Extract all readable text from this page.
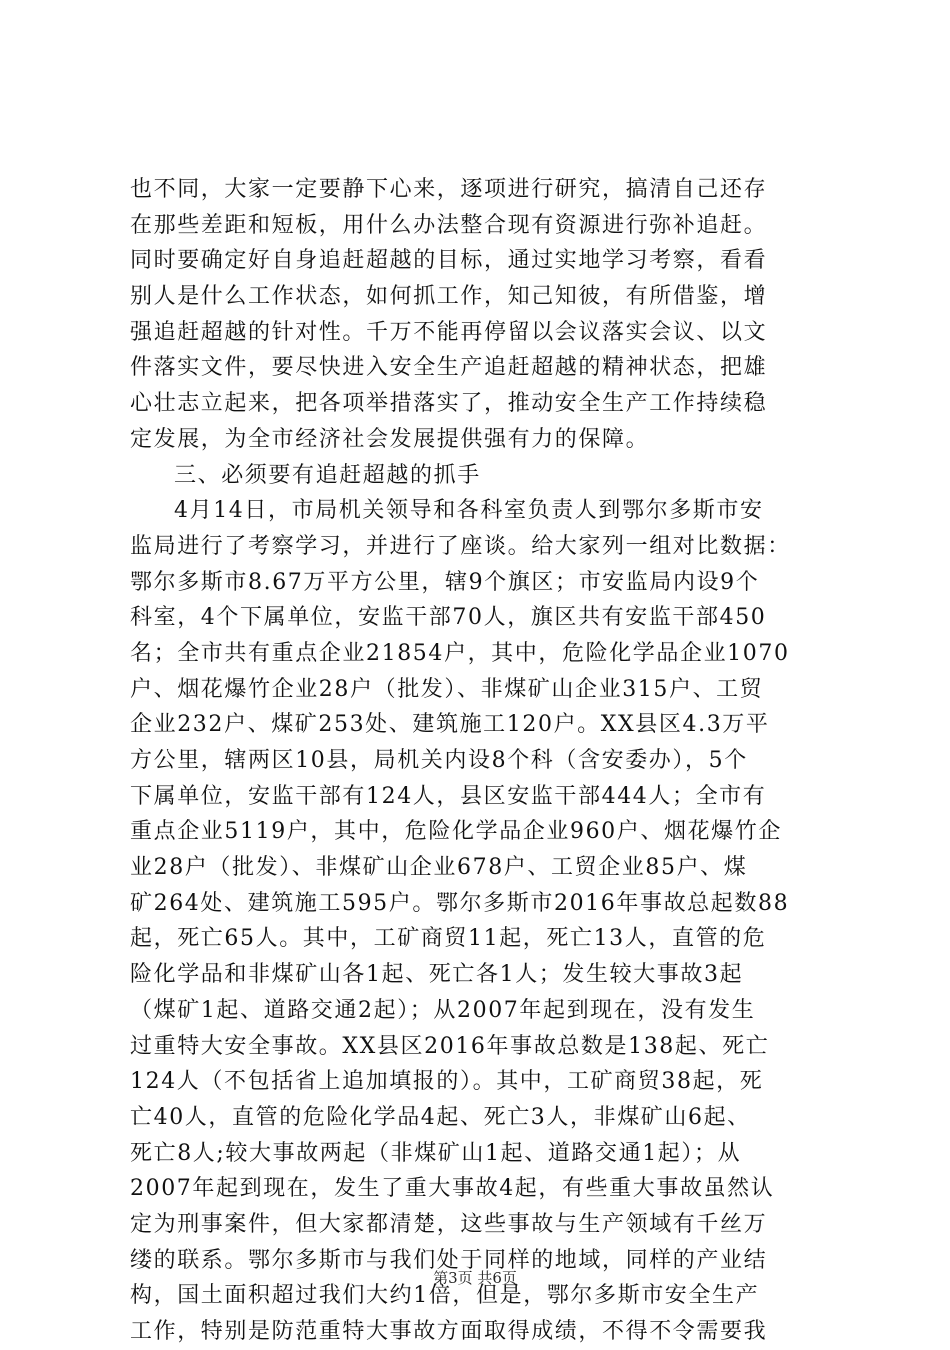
也不同，大家一定要静下心来，逐项进行研究，搞清自己还存
在那些差距和短板，用什么办法整合现有资源进行弥补追赶。
同时要确定好自身追赶超越的目标，通过实地学习考察，看看
别人是什么工作状态，如何抓工作，知己知彼，有所借鉴，增
强追赶超越的针对性。千万不能再停留以会议落实会议、以文
件落实文件，要尽快进入安全生产追赶超越的精神状态，把雄
心壮志立起来，把各项举措落实了，推动安全生产工作持续稳
定发展，为全市经济社会发展提供强有力的保障。
三、必须要有追赶超越的抓手
4月14日，市局机关领导和各科室负责人到鄂尔多斯市安
监局进行了考察学习，并进行了座谈。给大家列一组对比数据：
鄂尔多斯市8.67万平方公里，辖9个旗区；市安监局内设9个
科室，4个下属单位，安监干部70人，旗区共有安监干部450
名；全市共有重点企业21854户，其中，危险化学品企业1070
户、烟花爆竹企业28户（批发）、非煤矿山企业315户、工贸
企业232户、煤矿253处、建筑施工120户。XX县区4.3万平
方公里，辖两区10县，局机关内设8个科（含安委办），5个
下属单位，安监干部有124人，县区安监干部444人；全市有
重点企业5119户，其中，危险化学品企业960户、烟花爆竹企
业28户（批发）、非煤矿山企业678户、工贸企业85户、煤
矿264处、建筑施工595户。鄂尔多斯市2016年事故总起数88
起，死亡65人。其中，工矿商贸11起，死亡13人，直管的危
险化学品和非煤矿山各1起、死亡各1人；发生较大事故3起
（煤矿1起、道路交通2起）；从2007年起到现在，没有发生
过重特大安全事故。XX县区2016年事故总数是138起、死亡
124人（不包括省上追加填报的）。其中，工矿商贸38起，死
亡40人，直管的危险化学品4起、死亡3人，非煤矿山6起、
死亡8人;较大事故两起（非煤矿山1起、道路交通1起）；从
2007年起到现在，发生了重大事故4起，有些重大事故虽然认
定为刑事案件，但大家都清楚，这些事故与生产领域有千丝万
缕的联系。鄂尔多斯市与我们处于同样的地域，同样的产业结
构，国土面积超过我们大约1倍，但是，鄂尔多斯市安全生产
工作，特别是防范重特大事故方面取得成绩，不得不令需要我
第3页 共6页
